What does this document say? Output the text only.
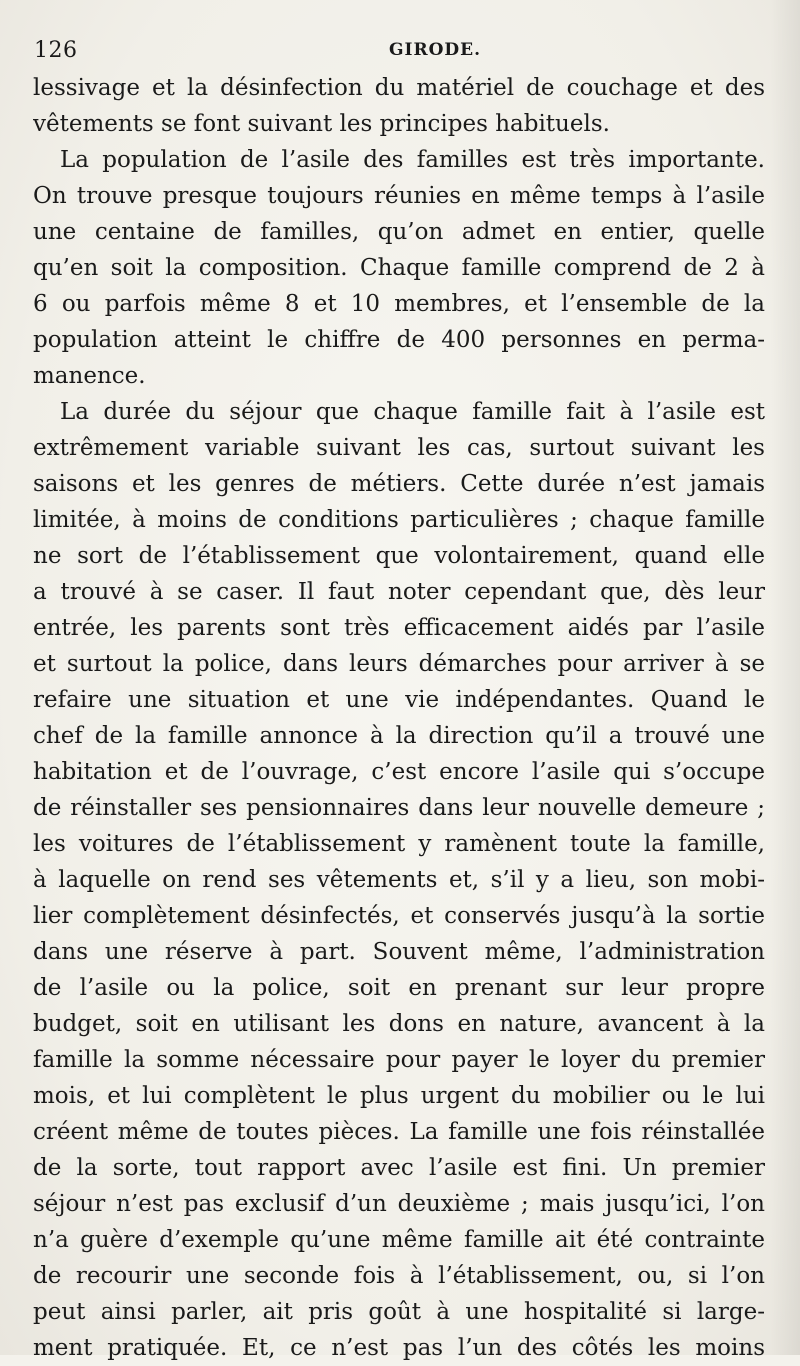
126	GIRODE.
lessivage et la désinfection du matériel de couchage et des
vêtements se font suivant les principes habituels.
La population de l’asile des familles est très importante.
On trouve presque toujours réunies en même temps à l’asile
une centaine de familles, qu’on admet en entier, quelle
qu’en soit la composition. Chaque famille comprend de 2 à
6 ou parfois même 8 et 10 membres, et l’ensemble de la
population atteint le chiffre de 400 personnes en perma-
manence.
La durée du séjour que chaque famille fait à l’asile est
extrêmement variable suivant les cas, surtout suivant les
saisons et les genres de métiers. Cette durée n’est jamais
limitée, à moins de conditions particulières ; chaque famille
ne sort de l’établissement que volontairement, quand elle
a trouvé à se caser. Il faut noter cependant que, dès leur
entrée, les parents sont très efficacement aidés par l’asile
et surtout la police, dans leurs démarches pour arriver à se
refaire une situation et une vie indépendantes. Quand le
chef de la famille annonce à la direction qu’il a trouvé une
habitation et de l’ouvrage, c’est encore l’asile qui s’occupe
de réinstaller ses pensionnaires dans leur nouvelle demeure ;
les voitures de l’établissement y ramènent toute la famille,
à laquelle on rend ses vêtements et, s’il y a lieu, son mobi-
lier complètement désinfectés, et conservés jusqu’à la sortie
dans une réserve à part. Souvent même, l’administration
de l’asile ou la police, soit en prenant sur leur propre
budget, soit en utilisant les dons en nature, avancent à la
famille la somme nécessaire pour payer le loyer du premier
mois, et lui complètent le plus urgent du mobilier ou le lui
créent même de toutes pièces. La famille une fois réinstallée
de la sorte, tout rapport avec l’asile est fini. Un premier
séjour n’est pas exclusif d’un deuxième ; mais jusqu’ici, l’on
n’a guère d’exemple qu’une même famille ait été contrainte
de recourir une seconde fois à l’établissement, ou, si l’on
peut ainsi parler, ait pris goût à une hospitalité si large-
ment pratiquée. Et, ce n’est pas l’un des côtés les moins
